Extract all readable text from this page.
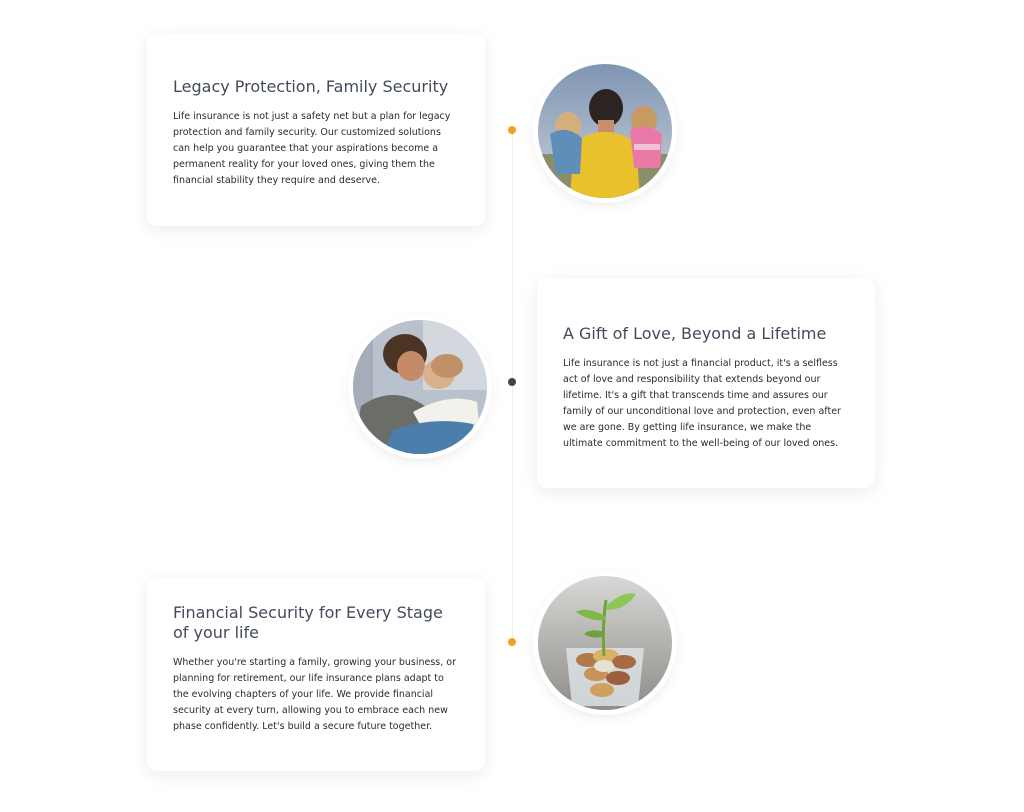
Legacy Protection, Family Security

Life insurance is not just a safety net but a plan for legacy protection and family security. Our customized solutions can help you guarantee that your aspirations become a permanent reality for your loved ones, giving them the financial stability they require and deserve.

A Gift of Love, Beyond a Lifetime

Life insurance is not just a financial product, it's a selfless act of love and responsibility that extends beyond our lifetime. It's a gift that transcends time and assures our family of our unconditional love and protection, even after we are gone. By getting life insurance, we make the ultimate commitment to the well-being of our loved ones.

Financial Security for Every Stage of your life

Whether you're starting a family, growing your business, or planning for retirement, our life insurance plans adapt to the evolving chapters of your life. We provide financial security at every turn, allowing you to embrace each new phase confidently. Let's build a secure future together.
